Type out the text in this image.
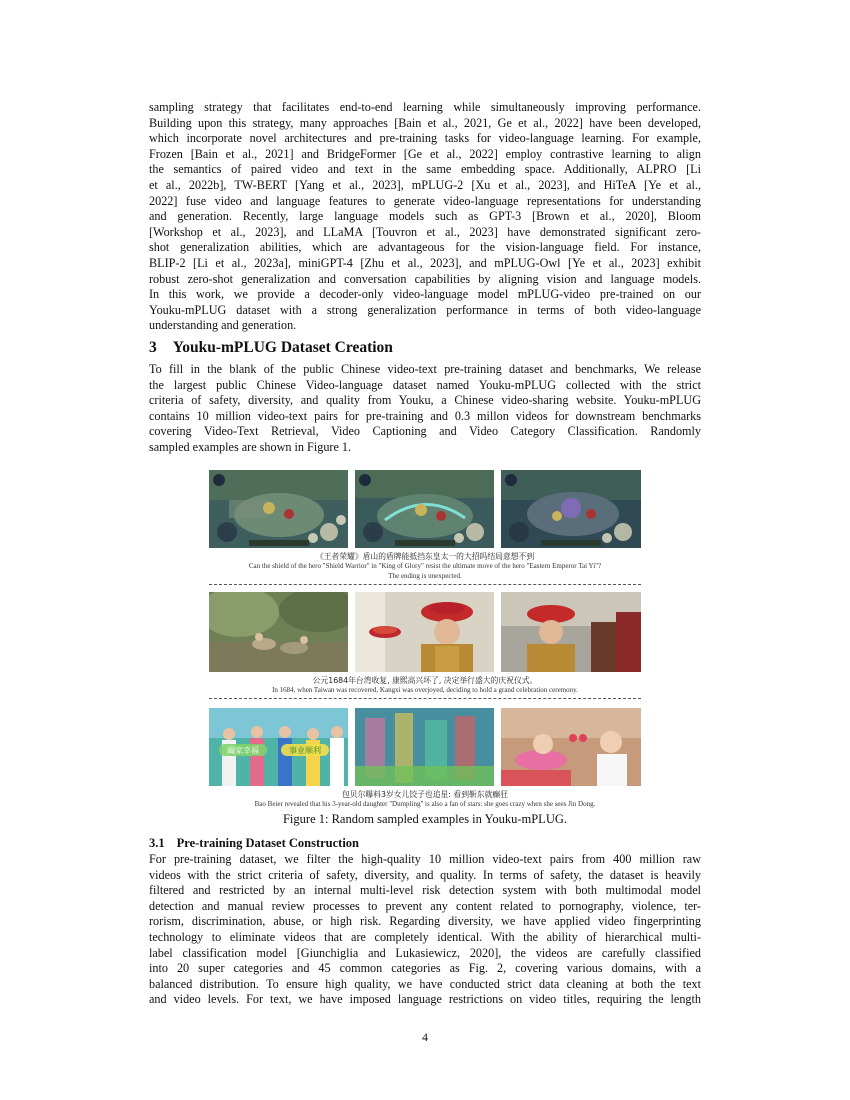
sampling strategy that facilitates end-to-end learning while simultaneously improving performance.
Building upon this strategy, many approaches [Bain et al., 2021, Ge et al., 2022] have been developed,
which incorporate novel architectures and pre-training tasks for video-language learning. For example,
Frozen [Bain et al., 2021] and BridgeFormer [Ge et al., 2022] employ contrastive learning to align
the semantics of paired video and text in the same embedding space. Additionally, ALPRO [Li
et al., 2022b], TW-BERT [Yang et al., 2023], mPLUG-2 [Xu et al., 2023], and HiTeA [Ye et al.,
2022] fuse video and language features to generate video-language representations for understanding
and generation. Recently, large language models such as GPT-3 [Brown et al., 2020], Bloom
[Workshop et al., 2023], and LLaMA [Touvron et al., 2023] have demonstrated significant zero-
shot generalization abilities, which are advantageous for the vision-language field. For instance,
BLIP-2 [Li et al., 2023a], miniGPT-4 [Zhu et al., 2023], and mPLUG-Owl [Ye et al., 2023] exhibit
robust zero-shot generalization and conversation capabilities by aligning vision and language models.
In this work, we provide a decoder-only video-language model mPLUG-video pre-trained on our
Youku-mPLUG dataset with a strong generalization performance in terms of both video-language
understanding and generation.
3 Youku-mPLUG Dataset Creation
To fill in the blank of the public Chinese video-text pre-training dataset and benchmarks, We release
the largest public Chinese Video-language dataset named Youku-mPLUG collected with the strict
criteria of safety, diversity, and quality from Youku, a Chinese video-sharing website. Youku-mPLUG
contains 10 million video-text pairs for pre-training and 0.3 millon videos for downstream benchmarks
covering Video-Text Retrieval, Video Captioning and Video Category Classification. Randomly
sampled examples are shown in Figure 1.
《王者荣耀》盾山的盾牌能抵挡东皇太一的大招吗结局意想不到
Can the shield of the hero "Shield Warrior" in "King of Glory" resist the ultimate move of the hero "Eastern Emperor Tai Yi"?
The ending is unexpected.
公元1684年台湾收复, 康熙高兴坏了, 决定举行盛大的庆祝仪式。
In 1684, when Taiwan was recovered, Kangxi was overjoyed, deciding to hold a grand celebration ceremony.
阖家幸福	事业顺利
包贝尔曝料3岁女儿饺子也追星: 看到靳东就癫狂
Bao Beier revealed that his 3-year-old daughter "Dumpling" is also a fan of stars: she goes crazy when she sees Jin Dong.

Figure 1: Random sampled examples in Youku-mPLUG.

3.1 Pre-training Dataset Construction
For pre-training dataset, we filter the high-quality 10 million video-text pairs from 400 million raw
videos with the strict criteria of safety, diversity, and quality. In terms of safety, the dataset is heavily
filtered and restricted by an internal multi-level risk detection system with both multimodal model
detection and manual review processes to prevent any content related to pornography, violence, ter-
rorism, discrimination, abuse, or high risk. Regarding diversity, we have applied video fingerprinting
technology to eliminate videos that are completely identical. With the ability of hierarchical multi-
label classification model [Giunchiglia and Lukasiewicz, 2020], the videos are carefully classified
into 20 super categories and 45 common categories as Fig. 2, covering various domains, with a
balanced distribution. To ensure high quality, we have conducted strict data cleaning at both the text
and video levels. For text, we have imposed language restrictions on video titles, requiring the length
4
